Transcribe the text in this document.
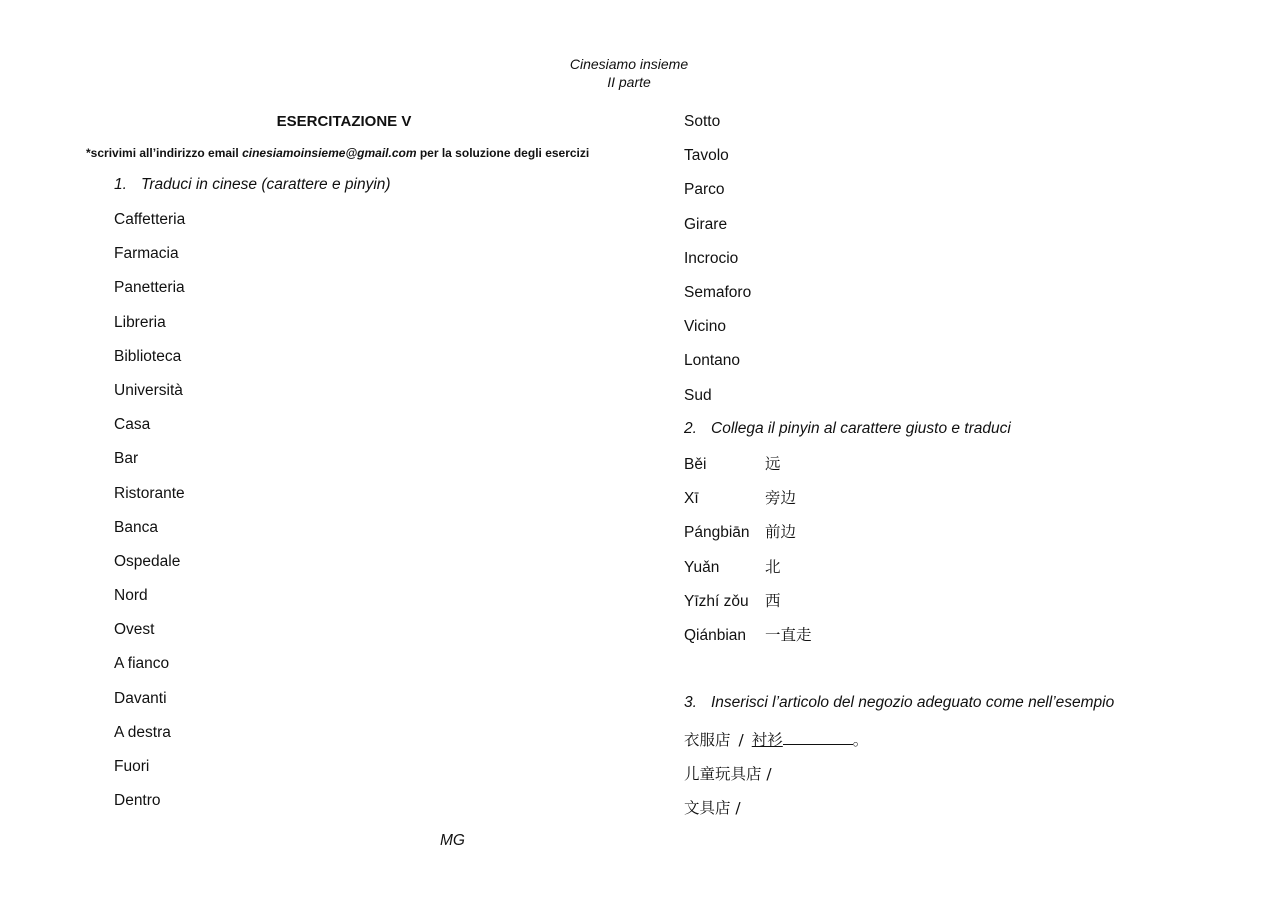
Cinesiamo insieme
II parte
ESERCITAZIONE V
*scrivimi all’indirizzo email cinesiamoinsieme@gmail.com per la soluzione degli esercizi
1. Traduci in cinese (carattere e pinyin)
Caffetteria
Farmacia
Panetteria
Libreria
Biblioteca
Università
Casa
Bar
Ristorante
Banca
Ospedale
Nord
Ovest
A fianco
Davanti
A destra
Fuori
Dentro
Sotto
Tavolo
Parco
Girare
Incrocio
Semaforo
Vicino
Lontano
Sud
2. Collega il pinyin al carattere giusto e traduci
Běi	远
Xī	旁边
Pángbiān 前边
Yuǎn	北
Yīzhí zǒu 西
Qiánbian 一直走
3. Inserisci l’articolo del negozio adeguato come nell’esempio
衣服店 / 衬衫	。
儿童玩具店 /
文具店 /
MG
